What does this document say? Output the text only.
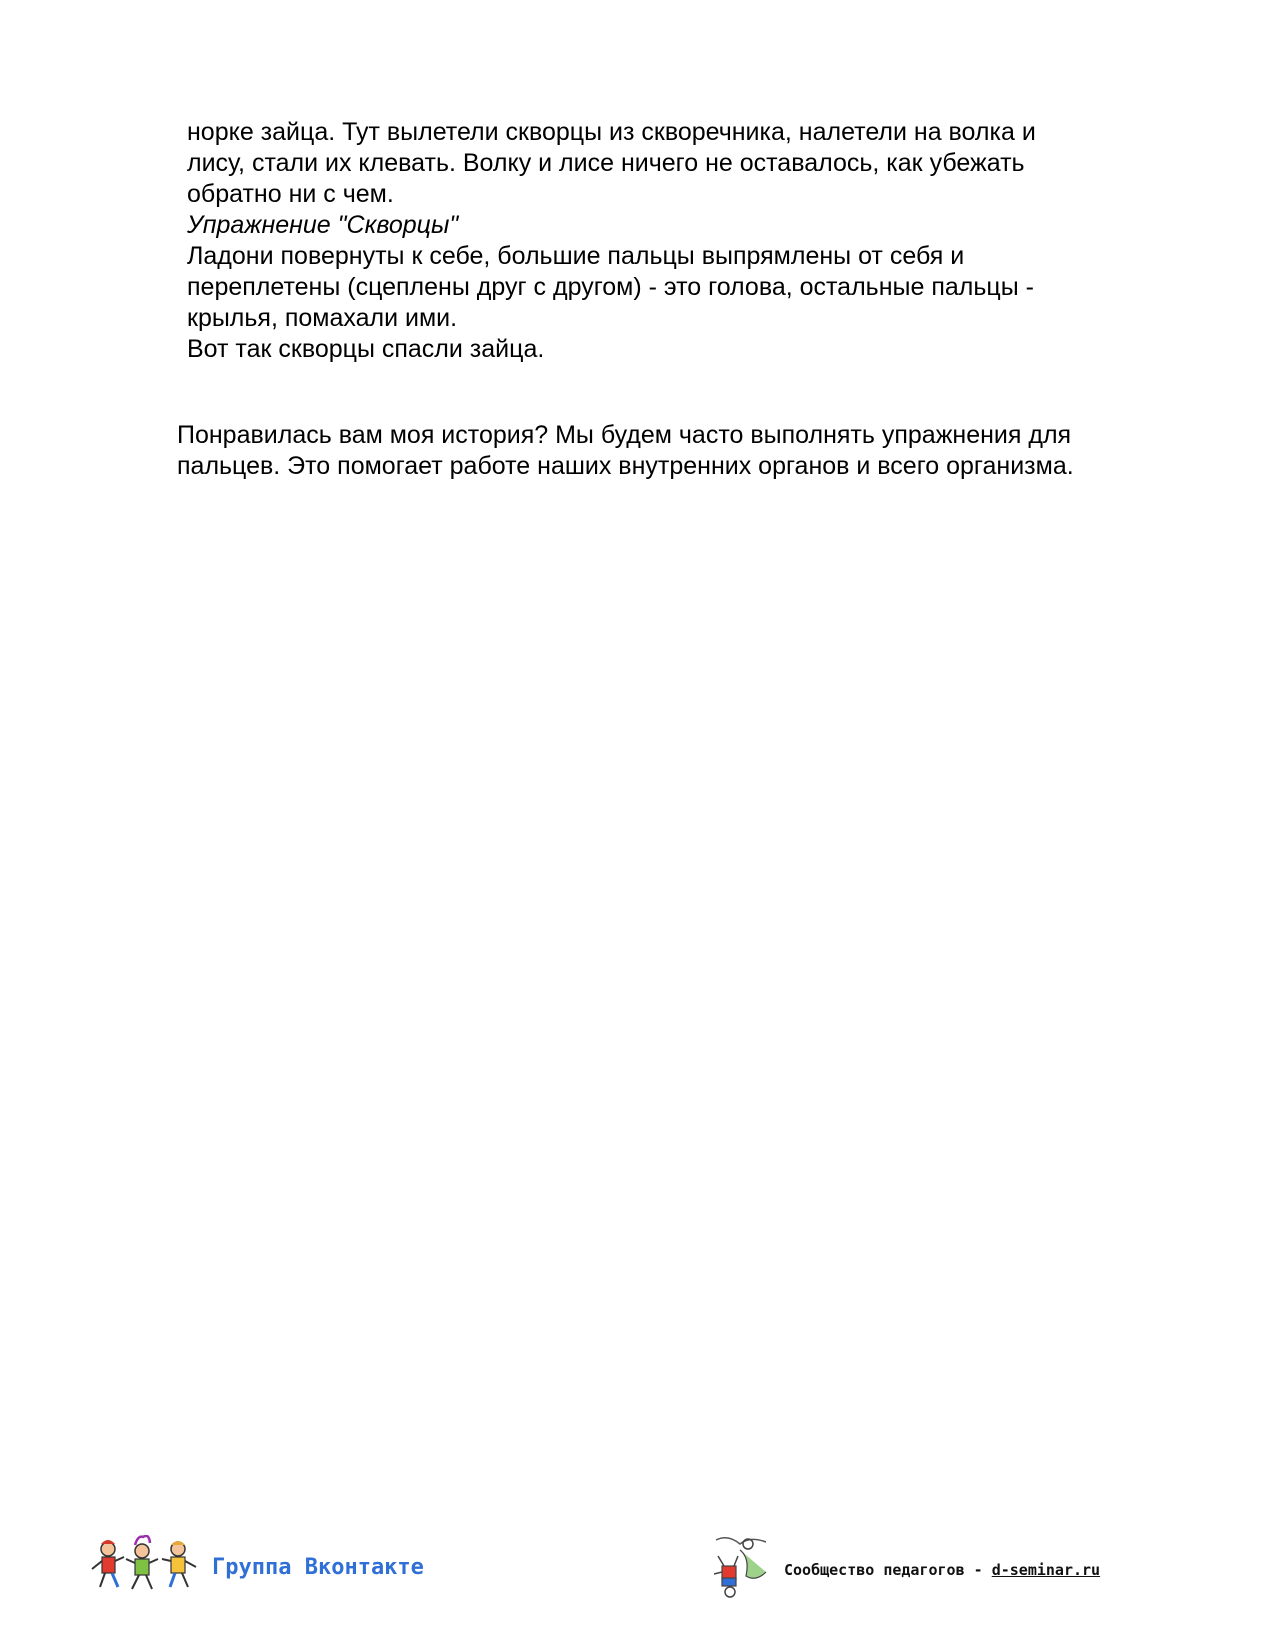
норке зайца. Тут вылетели скворцы из скворечника, налетели на волка и

лису, стали их клевать. Волку и лисе ничего не оставалось, как убежать

обратно ни с чем.

Упражнение "Скворцы"

Ладони повернуты к себе, большие пальцы выпрямлены от себя и

переплетены (сцеплены друг с другом) - это голова, остальные пальцы -

крылья, помахали ими.

Вот так скворцы спасли зайца.

Понравилась вам моя история? Мы будем часто выполнять упражнения для

пальцев. Это помогает работе наших внутренних органов и всего организма.

Группа Вконтакте	Сообщество педагогов - d-seminar.ru
